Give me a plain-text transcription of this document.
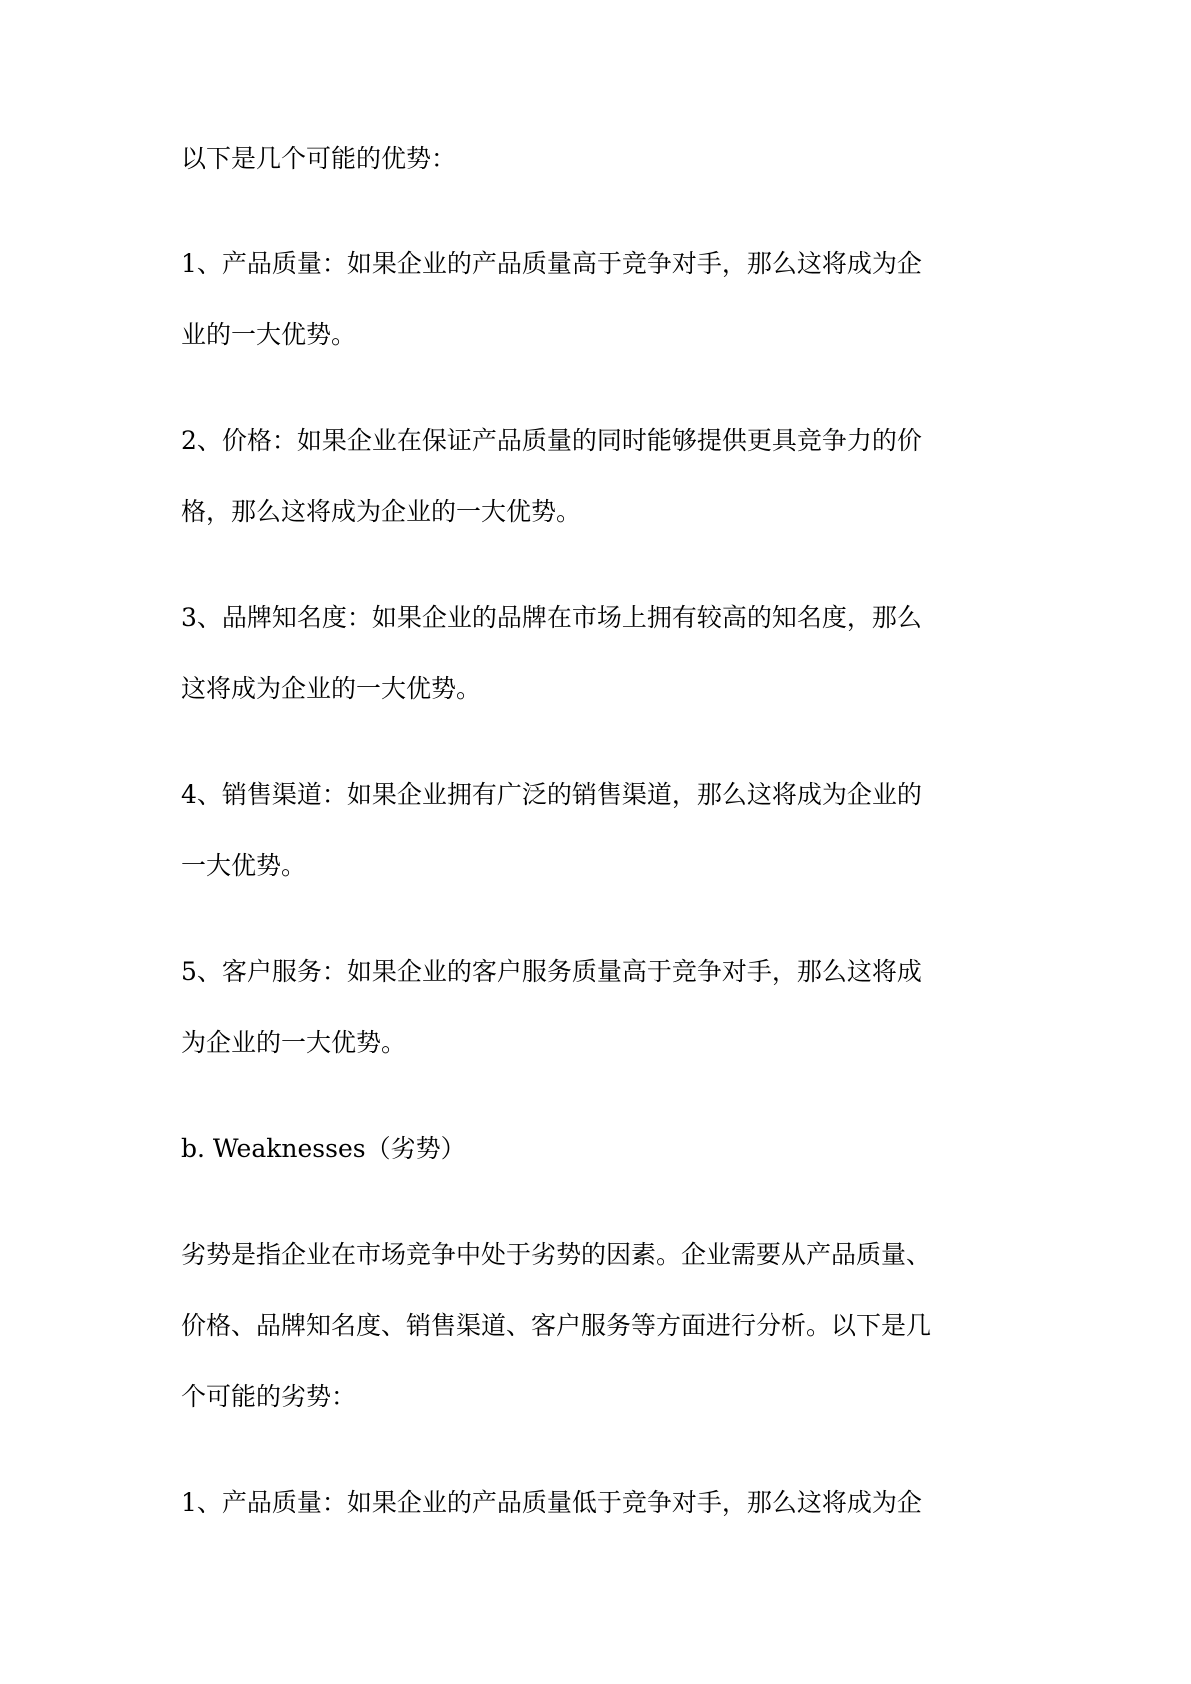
以下是几个可能的优势：

1、产品质量：如果企业的产品质量高于竞争对手，那么这将成为企

业的一大优势。

2、价格：如果企业在保证产品质量的同时能够提供更具竞争力的价

格，那么这将成为企业的一大优势。

3、品牌知名度：如果企业的品牌在市场上拥有较高的知名度，那么

这将成为企业的一大优势。

4、销售渠道：如果企业拥有广泛的销售渠道，那么这将成为企业的

一大优势。

5、客户服务：如果企业的客户服务质量高于竞争对手，那么这将成

为企业的一大优势。

b. Weaknesses（劣势）

劣势是指企业在市场竞争中处于劣势的因素。企业需要从产品质量、

价格、品牌知名度、销售渠道、客户服务等方面进行分析。以下是几

个可能的劣势：

1、产品质量：如果企业的产品质量低于竞争对手，那么这将成为企
